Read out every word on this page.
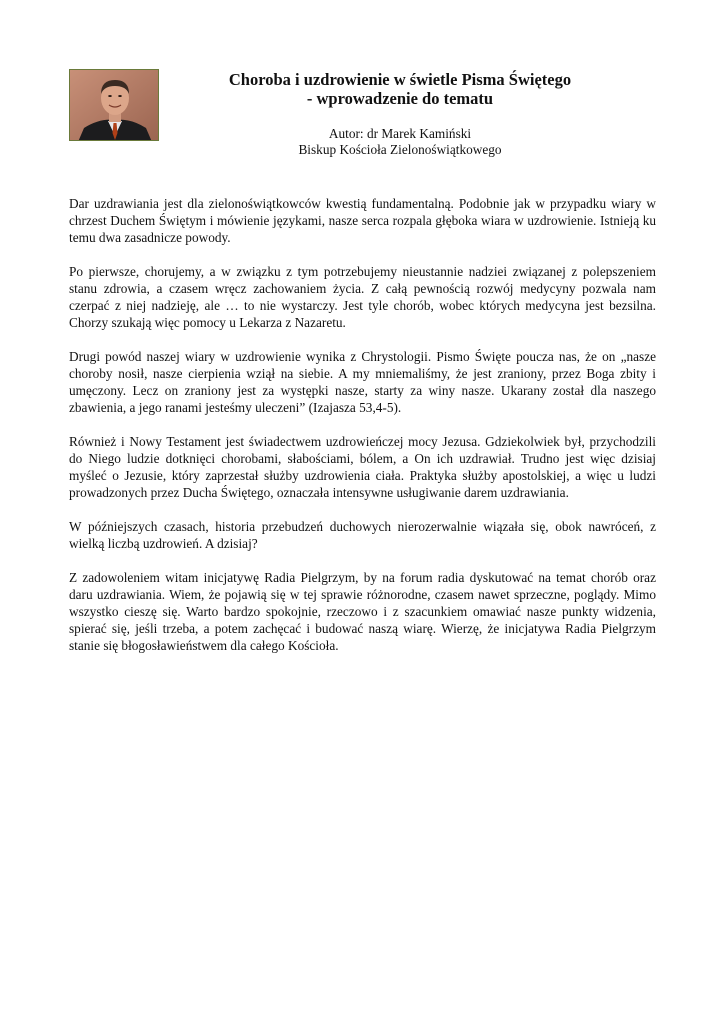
Choroba i uzdrowienie w świetle Pisma Świętego
- wprowadzenie do tematu
Autor: dr Marek Kamiński
Biskup Kościoła Zielonoświątkowego

Dar uzdrawiania jest dla zielonoświątkowców kwestią fundamentalną. Podobnie jak w przypadku wiary w chrzest Duchem Świętym i mówienie językami, nasze serca rozpala głęboka wiara w uzdrowienie. Istnieją ku temu dwa zasadnicze powody.

Po pierwsze, chorujemy, a w związku z tym potrzebujemy nieustannie nadziei związanej z polepszeniem stanu zdrowia, a czasem wręcz zachowaniem życia. Z całą pewnością rozwój medycyny pozwala nam czerpać z niej nadzieję, ale … to nie wystarczy. Jest tyle chorób, wobec których medycyna jest bezsilna. Chorzy szukają więc pomocy u Lekarza z Nazaretu.

Drugi powód naszej wiary w uzdrowienie wynika z Chrystologii. Pismo Święte poucza nas, że on „nasze choroby nosił, nasze cierpienia wziął na siebie. A my mniemaliśmy, że jest zraniony, przez Boga zbity i umęczony. Lecz on zraniony jest za występki nasze, starty za winy nasze. Ukarany został dla naszego zbawienia, a jego ranami jesteśmy uleczeni” (Izajasza 53,4-5).

Również i Nowy Testament jest świadectwem uzdrowieńczej mocy Jezusa. Gdziekolwiek był, przychodzili do Niego ludzie dotknięci chorobami, słabościami, bólem, a On ich uzdrawiał. Trudno jest więc dzisiaj myśleć o Jezusie, który zaprzestał służby uzdrowienia ciała. Praktyka służby apostolskiej, a więc u ludzi prowadzonych przez Ducha Świętego, oznaczała intensywne usługiwanie darem uzdrawiania.

W późniejszych czasach, historia przebudzeń duchowych nierozerwalnie wiązała się, obok nawróceń, z wielką liczbą uzdrowień. A dzisiaj?

Z zadowoleniem witam inicjatywę Radia Pielgrzym, by na forum radia dyskutować na temat chorób oraz daru uzdrawiania. Wiem, że pojawią się w tej sprawie różnorodne, czasem nawet sprzeczne, poglądy. Mimo wszystko cieszę się. Warto bardzo spokojnie, rzeczowo i z szacunkiem omawiać nasze punkty widzenia, spierać się, jeśli trzeba, a potem zachęcać i budować naszą wiarę. Wierzę, że inicjatywa Radia Pielgrzym stanie się błogosławieństwem dla całego Kościoła.
